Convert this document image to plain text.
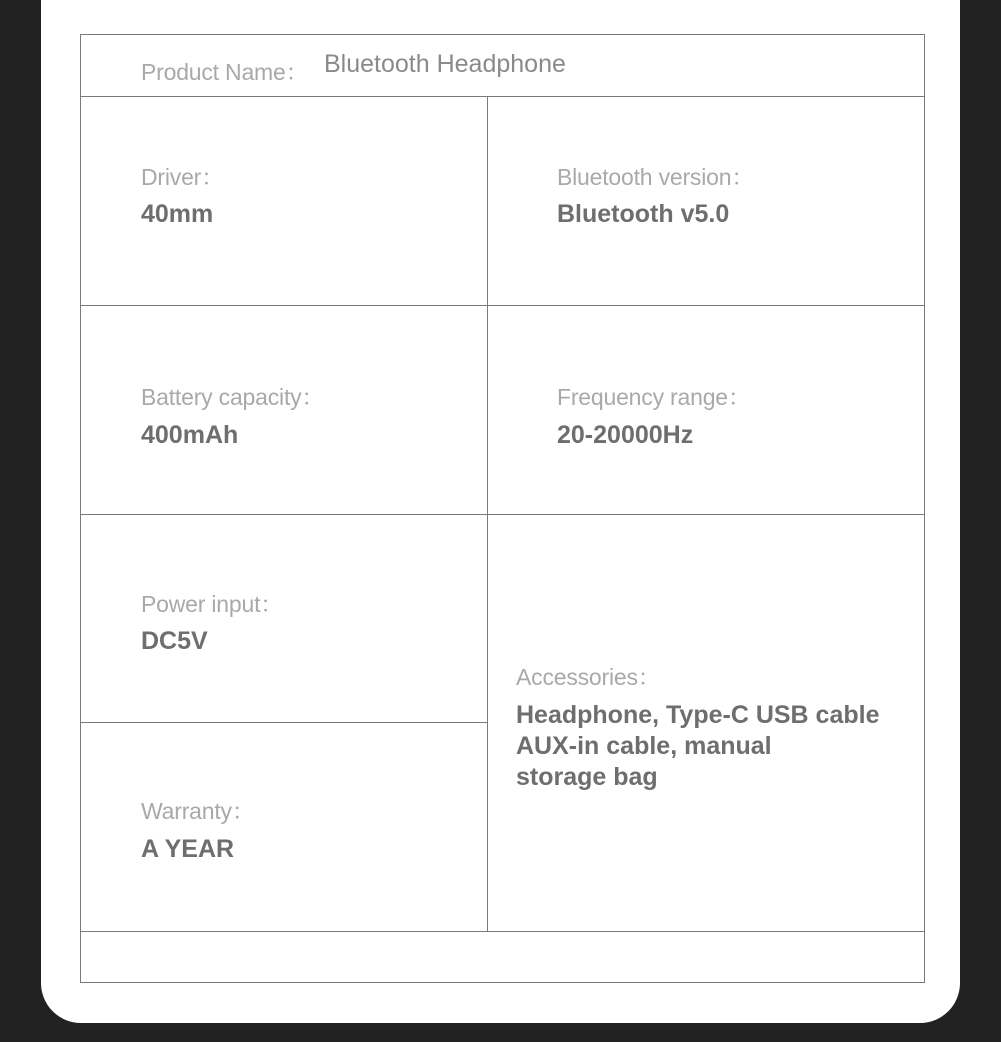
Product Name： Bluetooth Headphone
Driver：
40mm
Bluetooth version：
Bluetooth v5.0
Battery capacity：
400mAh
Frequency range：
20-20000Hz
Power input：
DC5V
Warranty：
A YEAR
Accessories：
Headphone, Type-C USB cable
AUX-in cable, manual
storage bag
